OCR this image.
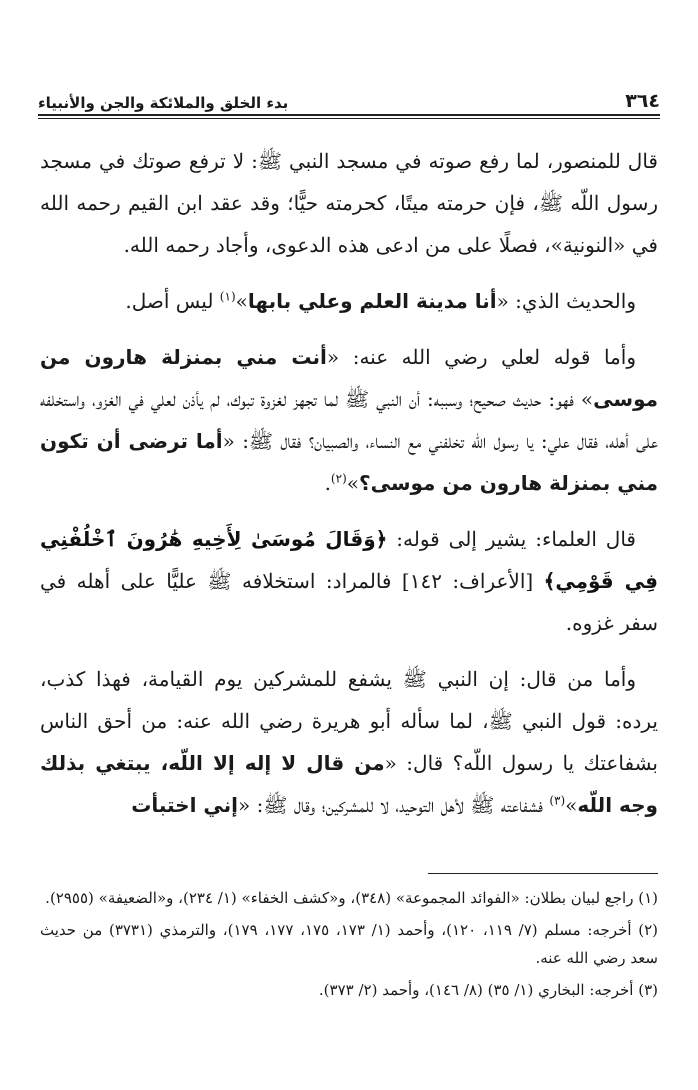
٣٦٤
بدء الخلق والملائكة والجن والأنبياء

قال للمنصور، لما رفع صوته في مسجد النبي ﷺ: لا ترفع صوتك في مسجد رسول اللّه ﷺ، فإن حرمته ميتًا، كحرمته حيًّا؛ وقد عقد ابن القيم رحمه الله في «النونية»، فصلًا على من ادعى هذه الدعوى، وأجاد رحمه الله.

والحديث الذي: «أنا مدينة العلم وعلي بابها»$^{(١)}$ ليس أصل.

وأما قوله لعلي رضي الله عنه: «أنت مني بمنزلة هارون من موسى» فهو: حديث صحيح؛ وسببه: أن النبي ﷺ لما تجهز لغزوة تبوك، لم يأذن لعلي في الغزو، واستخلفه على أهله، فقال علي: يا رسول اللّه تخلفني مع النساء، والصبيان؟ فقال ﷺ: «أما ترضى أن تكون مني بمنزلة هارون من موسى؟»$^{(٢)}$.

قال العلماء: يشير إلى قوله: ﴿وَقَالَ مُوسَىٰ لِأَخِيهِ هَٰرُونَ ٱخْلُفْنِي فِي قَوْمِي﴾ [الأعراف: ١٤٢] فالمراد: استخلافه ﷺ عليًّا على أهله في سفر غزوه.

وأما من قال: إن النبي ﷺ يشفع للمشركين يوم القيامة، فهذا كذب، يرده: قول النبي ﷺ، لما سأله أبو هريرة رضي الله عنه: من أحق الناس بشفاعتك يا رسول اللّه؟ قال: «من قال لا إله إلا اللّه، يبتغي بذلك وجه اللّه»$^{(٣)}$ فشفاعته ﷺ لأهل التوحيد، لا للمشركين؛ وقال ﷺ: «إني اختبأت

(١) راجع لبيان بطلان: «الفوائد المجموعة» (٣٤٨)، و«كشف الخفاء» (١/ ٢٣٤)، و«الضعيفة» (٢٩٥٥).

(٢) أخرجه: مسلم (٧/ ١١٩، ١٢٠)، وأحمد (١/ ١٧٣، ١٧٥، ١٧٧، ١٧٩)، والترمذي (٣٧٣١) من حديث سعد رضي الله عنه.

(٣) أخرجه: البخاري (١/ ٣٥) (٨/ ١٤٦)، وأحمد (٢/ ٣٧٣).
